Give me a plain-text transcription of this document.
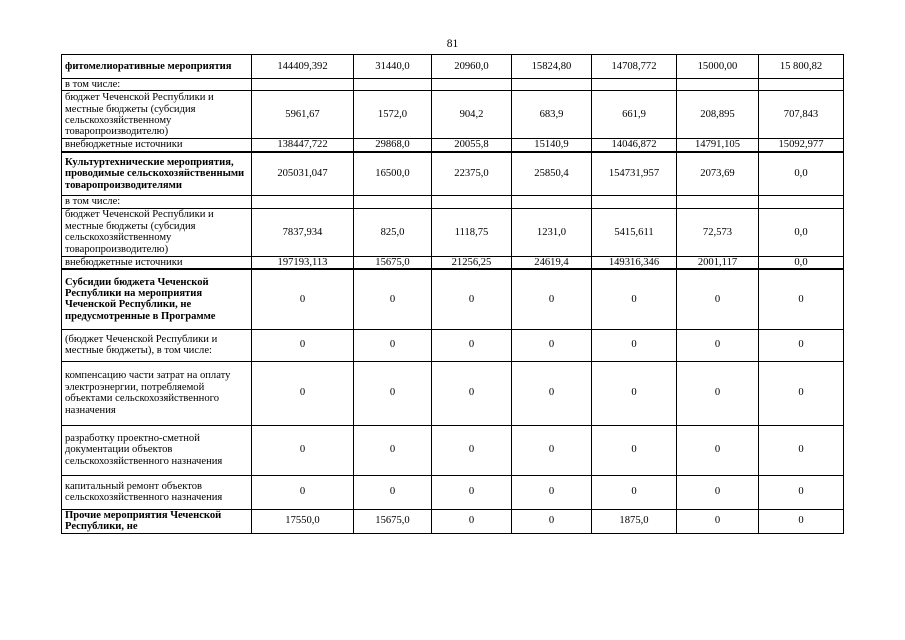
81
фитомелиоративные мероприятия	144409,392	31440,0	20960,0	15824,80	14708,772	15000,00	15 800,82
в том числе:							
бюджет Чеченской Республики и местные бюджеты (субсидия сельскохозяйственному товаропроизводителю)	5961,67	1572,0	904,2	683,9	661,9	208,895	707,843
внебюджетные источники	138447,722	29868,0	20055,8	15140,9	14046,872	14791,105	15092,977
Культуртехнические мероприятия, проводимые сельскохозяйственными товаропроизводителями	205031,047	16500,0	22375,0	25850,4	154731,957	2073,69	0,0
в том числе:							
бюджет Чеченской Республики и местные бюджеты (субсидия сельскохозяйственному товаропроизводителю)	7837,934	825,0	1118,75	1231,0	5415,611	72,573	0,0
внебюджетные источники	197193,113	15675,0	21256,25	24619,4	149316,346	2001,117	0,0
Субсидии бюджета Чеченской Республики на мероприятия Чеченской Республики, не предусмотренные в Программе	0	0	0	0	0	0	0
(бюджет Чеченской Республики и местные бюджеты), в том числе:	0	0	0	0	0	0	0
компенсацию части затрат на оплату электроэнергии, потребляемой объектами сельскохозяйственного назначения	0	0	0	0	0	0	0
разработку проектно-сметной документации объектов сельскохозяйственного назначения	0	0	0	0	0	0	0
капитальный ремонт объектов сельскохозяйственного назначения	0	0	0	0	0	0	0
Прочие мероприятия Чеченской Республики, не	17550,0	15675,0	0	0	1875,0	0	0
